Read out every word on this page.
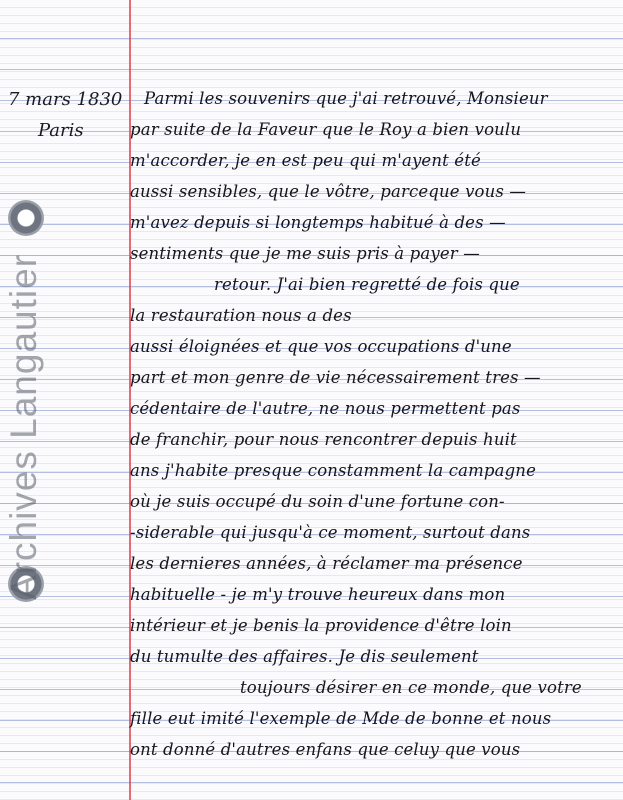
Archives Langautier
7 mars 1830
Paris
Parmi les souvenirs que j'ai retrouvé, Monsieur
par suite de la Faveur que le Roy a bien voulu
m'accorder, je en est peu qui m'ayent été
aussi sensibles, que le vôtre, parceque vous —
m'avez depuis si longtemps habitué à des —
sentiments que je me suis pris à payer —
retour. J'ai bien regretté de fois que
la restauration nous a des
aussi éloignées et que vos occupations d'une
part et mon genre de vie nécessairement tres —
cédentaire de l'autre, ne nous permettent pas
de franchir, pour nous rencontrer depuis huit
ans j'habite presque constamment la campagne
où je suis occupé du soin d'une fortune con-
-siderable qui jusqu'à ce moment, surtout dans
les dernieres années, à réclamer ma présence
habituelle - je m'y trouve heureux dans mon
intérieur et je benis la providence d'être loin
du tumulte des affaires. Je dis seulement
toujours désirer en ce monde, que votre
fille eut imité l'exemple de Mde de bonne et nous
ont donné d'autres enfans que celuy que vous
